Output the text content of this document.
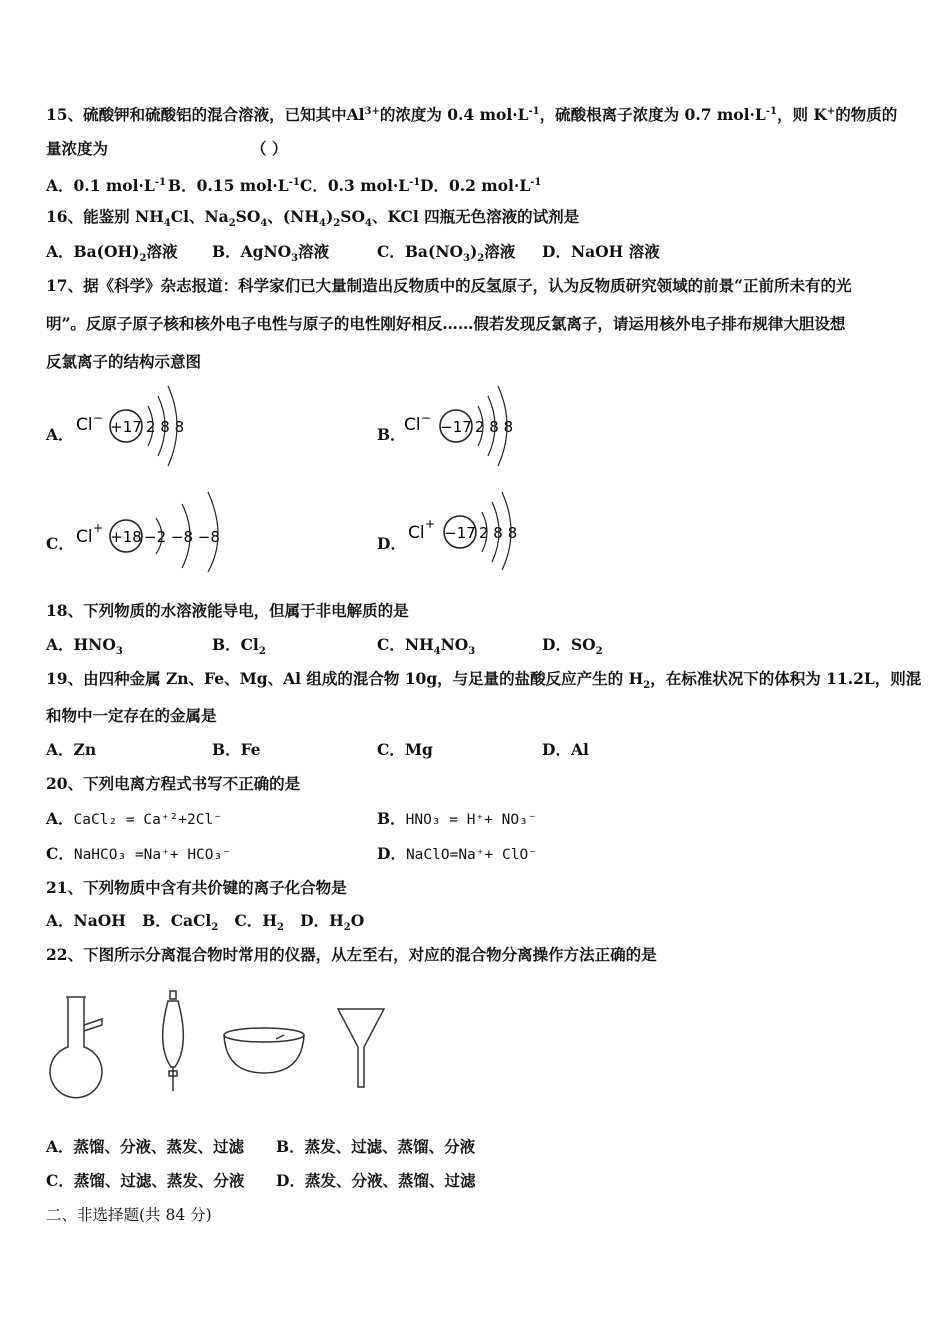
15、硫酸钾和硫酸铝的混合溶液，已知其中$Al^{3+}$的浓度为 0.4 $mol\cdot L^{-1}$，硫酸根离子浓度为 0.7 $mol\cdot L^{-1}$，则 K+的物质的
量浓度为	（ ）
A．0.1 $mol\cdot L^{-1}$ B．0.15 $mol\cdot L^{-1}$ C．0.3 $mol\cdot L^{-1}$ D．0.2 $mol\cdot L^{-1}$
16、能鉴别 $NH_4Cl$、$Na_2SO_4$、$(NH_4)_2SO_4$、KCl 四瓶无色溶液的试剂是
A．$Ba(OH)_2$溶液 B．AgNO$_3$溶液	C．$Ba(NO_3)_2$溶液 D．NaOH 溶液
17、据《科学》杂志报道：科学家们已大量制造出反物质中的反氢原子，认为反物质研究领域的前景“正前所未有的光
明”。反原子原子核和核外电子电性与原子的电性刚好相反……假若发现反氯离子，请运用核外电子排布规律大胆设想
反氯离子的结构示意图
A． Cl − +17 2 8 8	B．
Cl − −17 2 8 8
C． Cl + +18 −2 −8 −8	D．
Cl + −17 2 8 8
18、下列物质的水溶液能导电，但属于非电解质的是
A．$HNO_3$	B．$Cl_2$	C．$NH_4NO_3$	D．$SO_2$
19、由四种金属 Zn、Fe、Mg、Al 组成的混合物 10g，与足量的盐酸反应产生的 $H_2$，在标准状况下的体积为 11.2L，则混
和物中一定存在的金属是
A．Zn	B．Fe	C．Mg	D．Al
20、下列电离方程式书写不正确的是
A．CaCl₂ = Ca⁺²+2Cl⁻	B．HNO₃ = H⁺+ NO₃⁻
C．NaHCO₃ =Na⁺+ HCO₃⁻	D．NaClO=Na⁺+ ClO⁻
21、下列物质中含有共价键的离子化合物是
A．NaOH B．CaCl$_2$ C．$H_2$ D．$H_2O$
22、下图所示分离混合物时常用的仪器，从左至右，对应的混合物分离操作方法正确的是
A．蒸馏、分液、蒸发、过滤 B．蒸发、过滤、蒸馏、分液
C．蒸馏、过滤、蒸发、分液 D．蒸发、分液、蒸馏、过滤
二、非选择题(共 84 分)
